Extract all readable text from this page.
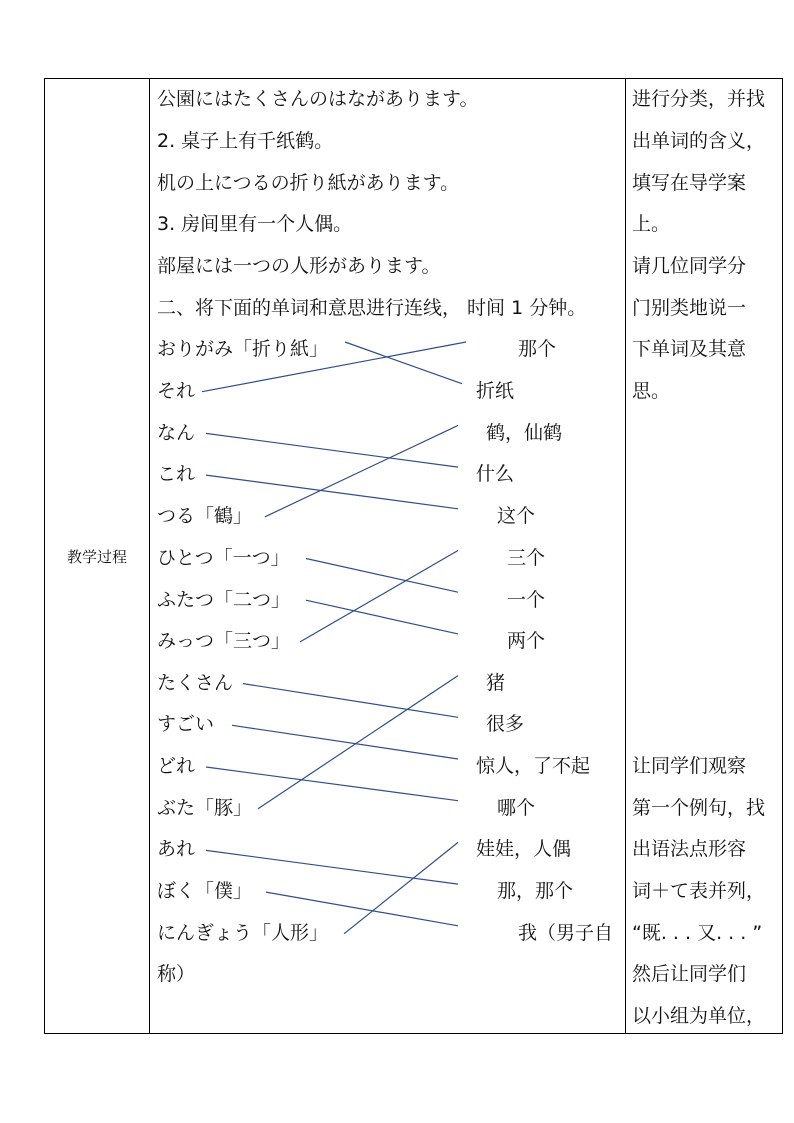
教学过程
公園にはたくさんのはながあります。
2. 桌子上有千纸鹤。
机の上につるの折り紙があります。
3. 房间里有一个人偶。
部屋には一つの人形があります。
二、将下面的单词和意思进行连线， 时间 1 分钟。
おりがみ「折り紙」
それ
なん
これ
つる「鶴」
ひとつ「一つ」
ふたつ「二つ」
みっつ「三つ」
たくさん
すごい
どれ
ぶた「豚」
あれ
ぼく「僕」
にんぎょう「人形」
称）
那个
折纸
鹤，仙鹤
什么
这个
三个
一个
两个
猪
很多
惊人，了不起
哪个
娃娃，人偶
那，那个
我（男子自
进行分类，并找
出单词的含义，
填写在导学案
上。
请几位同学分
门别类地说一
下单词及其意
思。
让同学们观察
第一个例句，找
出语法点形容
词＋て表并列，
“既. . . 又. . . ”
然后让同学们
以小组为单位，
